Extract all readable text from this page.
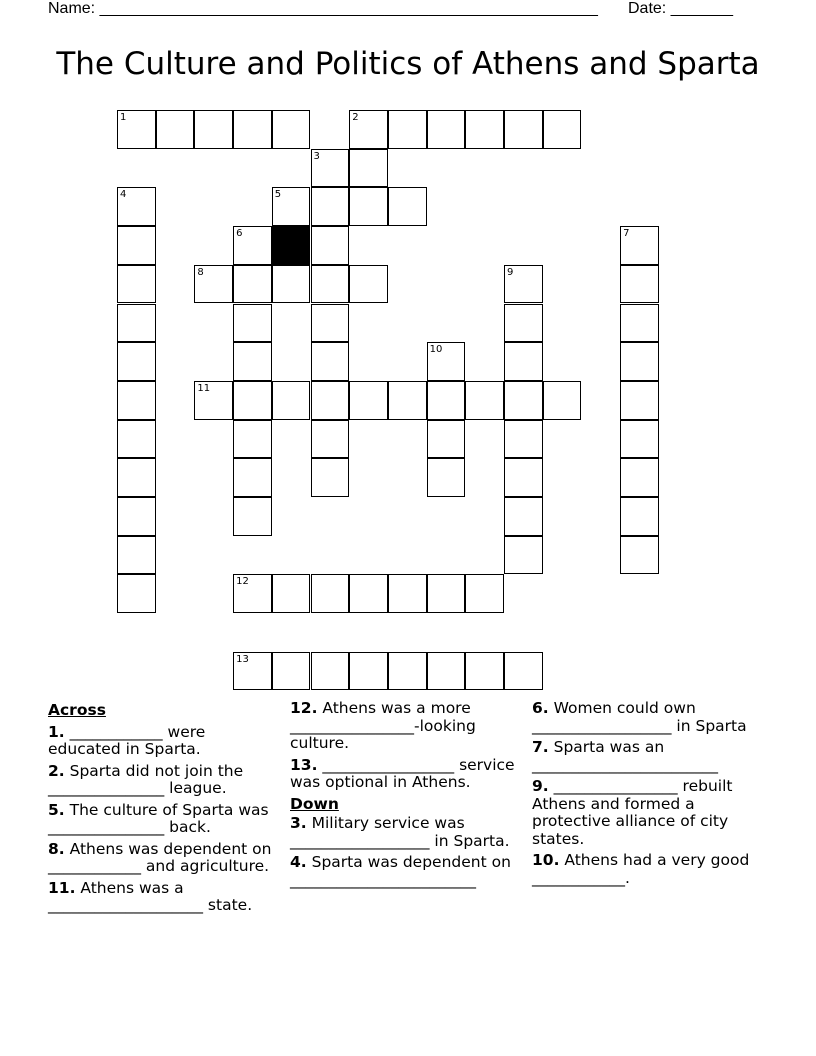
Name: ________________________________________________________ Date: _______
The Culture and Politics of Athens and Sparta
1	2
3
4	5
6	7
8	9
10
11
12
13
Across
1. ____________ were educated in Sparta.
2. Sparta did not join the _______________ league.
5. The culture of Sparta was _______________ back.
8. Athens was dependent on ____________ and agriculture.
11. Athens was a ____________________ state.
12. Athens was a more ________________-looking culture.
13. _________________ service was optional in Athens.
Down
3. Military service was __________________ in Sparta.
4. Sparta was dependent on ________________________
6. Women could own __________________ in Sparta
7. Sparta was an ________________________
9. ________________ rebuilt Athens and formed a protective alliance of city states.
10. Athens had a very good ____________.
